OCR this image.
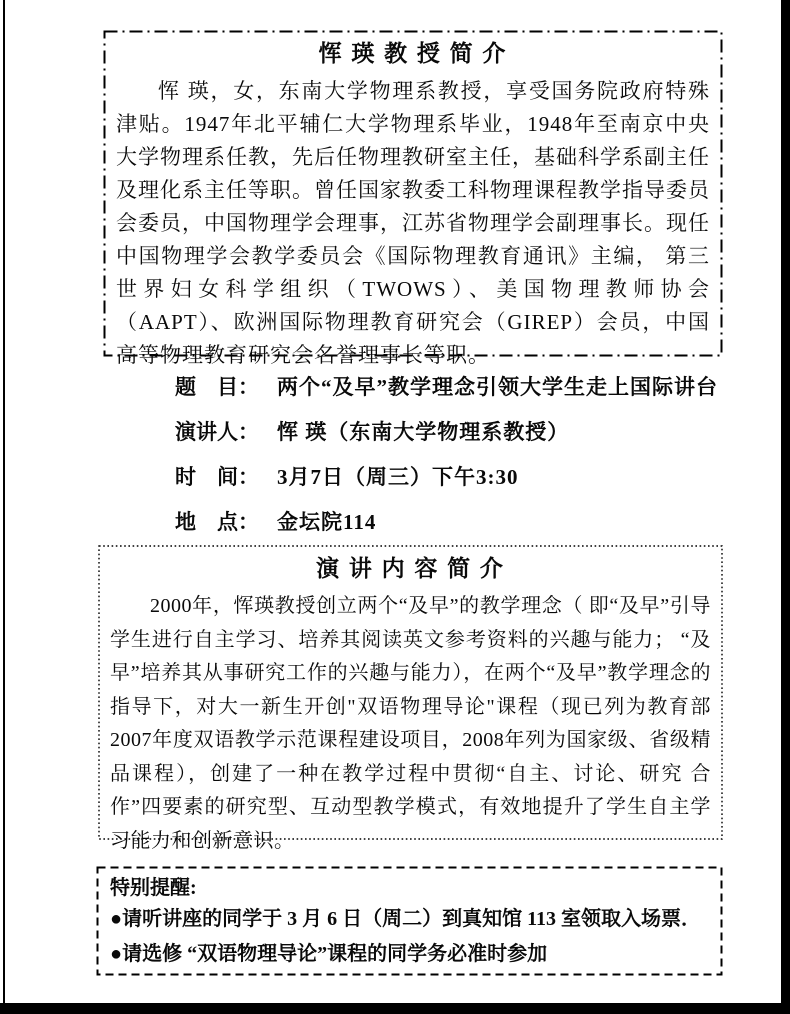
恽 瑛 教 授 简 介

恽 瑛，女，东南大学物理系教授，享受国务院政府特殊津贴。1947年北平辅仁大学物理系毕业，1948年至南京中央大学物理系任教，先后任物理教研室主任，基础科学系副主任及理化系主任等职。曾任国家教委工科物理课程教学指导委员会委员，中国物理学会理事，江苏省物理学会副理事长。现任中国物理学会教学委员会《国际物理教育通讯》主编， 第三世界妇女科学组织（TWOWS）、美国物理教师协会（AAPT）、欧洲国际物理教育研究会（GIREP）会员，中国高等物理教育研究会名誉理事长等职。

题　目： 两个“及早”教学理念引领大学生走上国际讲台
演讲人： 恽 瑛（东南大学物理系教授）
时　间： 3月7日（周三）下午3:30
地　点： 金坛院114
演 讲 内 容 简 介

2000年，恽瑛教授创立两个“及早”的教学理念（ 即“及早”引导学生进行自主学习、培养其阅读英文参考资料的兴趣与能力； “及早”培养其从事研究工作的兴趣与能力），在两个“及早”教学理念的指导下，对大一新生开创"双语物理导论"课程（现已列为教育部2007年度双语教学示范课程建设项目，2008年列为国家级、省级精品课程），创建了一种在教学过程中贯彻“自主、讨论、研究 合作”四要素的研究型、互动型教学模式，有效地提升了学生自主学习能力和创新意识。

特别提醒:
●请听讲座的同学于 3 月 6 日（周二）到真知馆 113 室领取入场票．
●请选修 “双语物理导论”课程的同学务必准时参加
